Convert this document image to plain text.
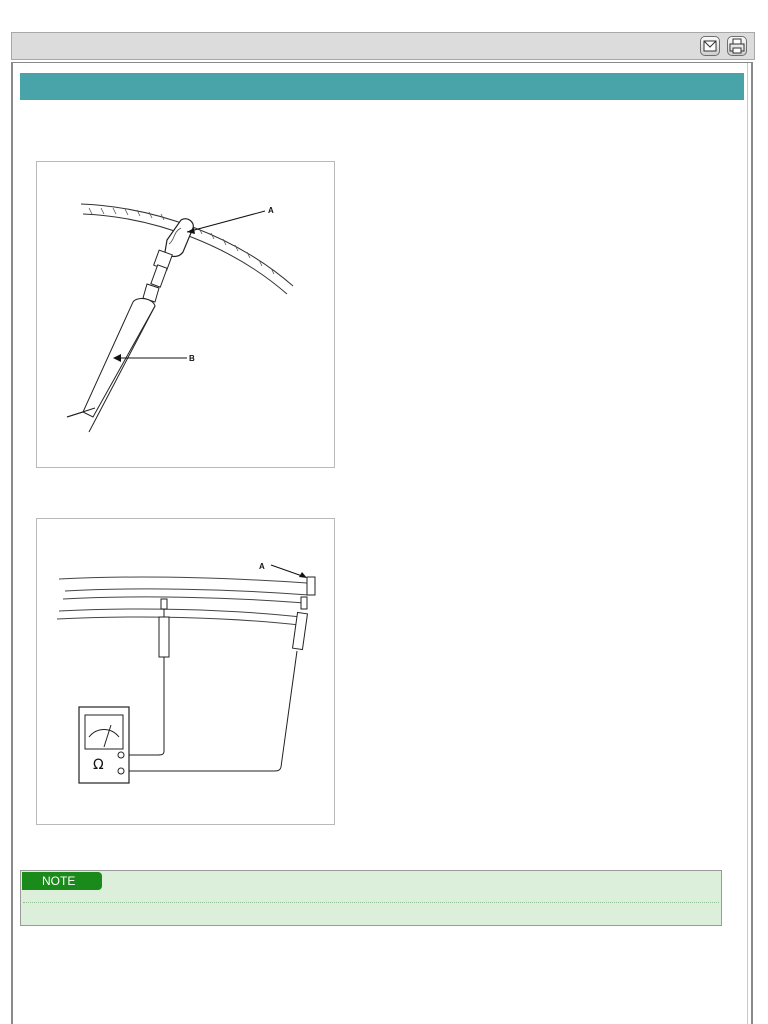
A
B
A
Ω
NOTE
